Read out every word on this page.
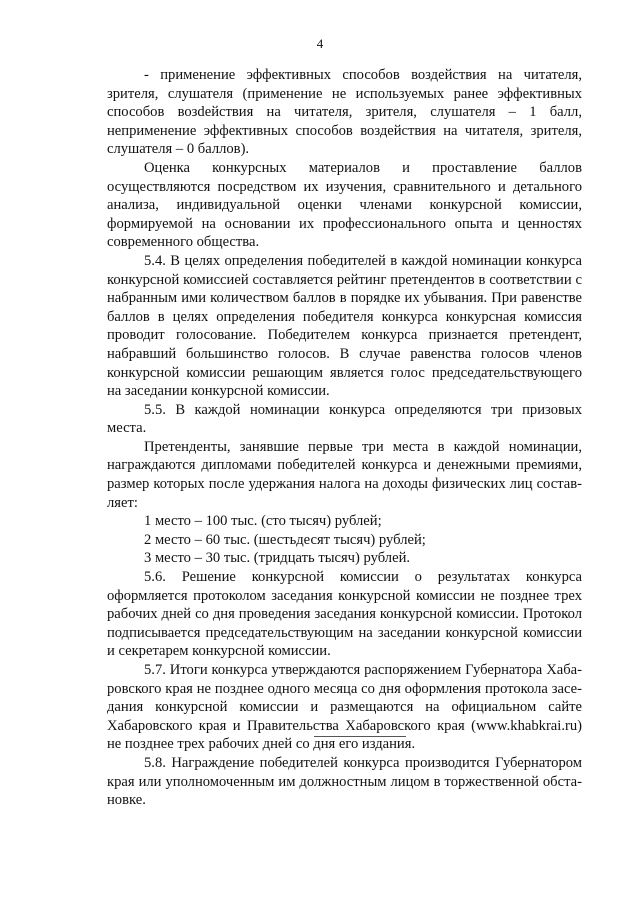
4

- применение эффективных способов воздействия на читателя, зрителя, слушателя (применение не используемых ранее эффективных способов возdействия на читателя, зрителя, слушателя – 1 балл, неприменение эффективных способов воздействия на читателя, зрителя, слушателя – 0 баллов).

Оценка конкурсных материалов и проставление баллов осуществляются посредством их изучения, сравнительного и детального анализа, индивидуальной оценки членами конкурсной комиссии, формируемой на основании их профессионального опыта и ценностях современного общества.

5.4. В целях определения победителей в каждой номинации конкурса конкурсной комиссией составляется рейтинг претендентов в соответствии с набранным ими количеством баллов в порядке их убывания. При равенстве баллов в целях определения победителя конкурса конкурсная комиссия проводит голосование. Победителем конкурса признается претендент, набравший большинство голосов. В случае равенства голосов членов конкурсной комиссии решающим является голос председательствующего на заседании конкурсной комиссии.

5.5. В каждой номинации конкурса определяются три призовых места.

Претенденты, занявшие первые три места в каждой номинации, награждаются дипломами победителей конкурса и денежными премиями, размер которых после удержания налога на доходы физических лиц составляет:

1 место – 100 тыс. (сто тысяч) рублей;

2 место – 60 тыс. (шестьдесят тысяч) рублей;

3 место – 30 тыс. (тридцать тысяч) рублей.

5.6. Решение конкурсной комиссии о результатах конкурса оформляется протоколом заседания конкурсной комиссии не позднее трех рабочих дней со дня проведения заседания конкурсной комиссии. Протокол подписывается председательствующим на заседании конкурсной комиссии и секретарем конкурсной комиссии.

5.7. Итоги конкурса утверждаются распоряжением Губернатора Хабаровского края не позднее одного месяца со дня оформления протокола заседания конкурсной комиссии и размещаются на официальном сайте Хабаровского края и Правительства Хабаровского края (www.khabkrai.ru) не позднее трех рабочих дней со дня его издания.

5.8. Награждение победителей конкурса производится Губернатором края или уполномоченным им должностным лицом в торжественной обстановке.
